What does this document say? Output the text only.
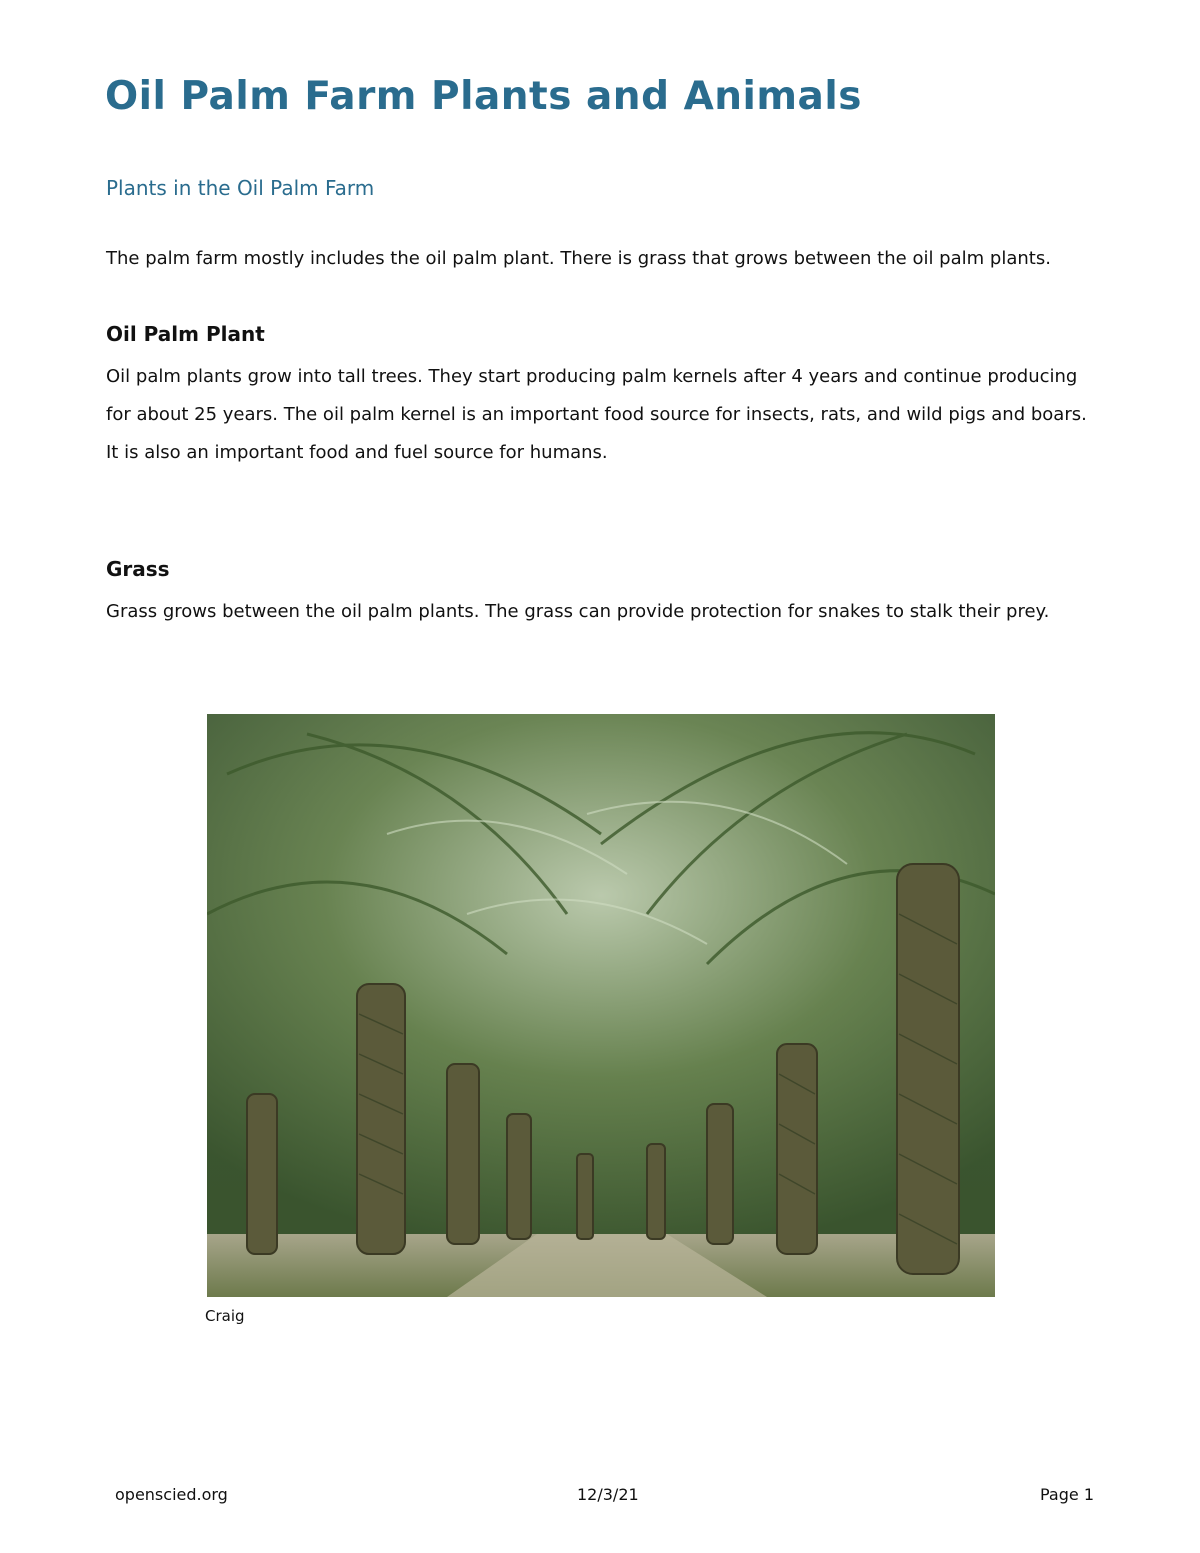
Oil Palm Farm Plants and Animals
Plants in the Oil Palm Farm

The palm farm mostly includes the oil palm plant. There is grass that grows between the oil palm plants.

Oil Palm Plant

Oil palm plants grow into tall trees. They start producing palm kernels after 4 years and continue producing for about 25 years. The oil palm kernel is an important food source for insects, rats, and wild pigs and boars. It is also an important food and fuel source for humans.

Grass

Grass grows between the oil palm plants. The grass can provide protection for snakes to stalk their prey.

Craig

openscied.org	12/3/21	Page 1
